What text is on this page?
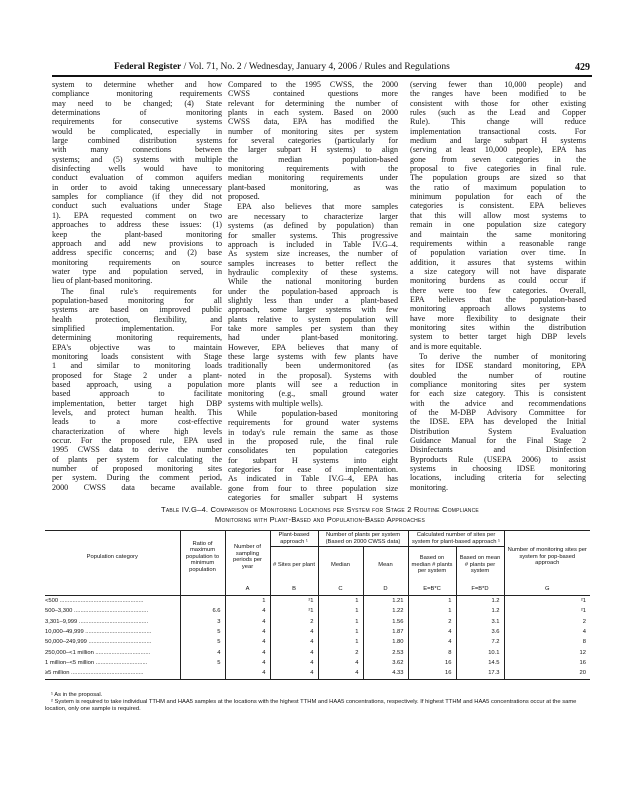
Federal Register / Vol. 71, No. 2 / Wednesday, January 4, 2006 / Rules and Regulations	429
system to determine whether and how
compliance monitoring requirements
may need to be changed; (4) State
determinations of monitoring
requirements for consecutive systems
would be complicated, especially in
large combined distribution systems
with many connections between
systems; and (5) systems with multiple
disinfecting wells would have to
conduct evaluation of common aquifers
in order to avoid taking unnecessary
samples for compliance (if they did not
conduct such evaluations under Stage
1). EPA requested comment on two
approaches to address these issues: (1)
keep the plant-based monitoring
approach and add new provisions to
address specific concerns; and (2) base
monitoring requirements on source
water type and population served, in
lieu of plant-based monitoring.
The final rule's requirements for
population-based monitoring for all
systems are based on improved public
health protection, flexibility, and
simplified implementation. For
determining monitoring requirements,
EPA's objective was to maintain
monitoring loads consistent with Stage
1 and similar to monitoring loads
proposed for Stage 2 under a plant-
based approach, using a population
based approach to facilitate
implementation, better target high DBP
levels, and protect human health. This
leads to a more cost-effective
characterization of where high levels
occur. For the proposed rule, EPA used
1995 CWSS data to derive the number
of plants per system for calculating the
number of proposed monitoring sites
per system. During the comment period,
2000 CWSS data became available.
Compared to the 1995 CWSS, the 2000
CWSS contained questions more
relevant for determining the number of
plants in each system. Based on 2000
CWSS data, EPA has modified the
number of monitoring sites per system
for several categories (particularly for
the larger subpart H systems) to align
the median population-based
monitoring requirements with the
median monitoring requirements under
plant-based monitoring, as was
proposed.
EPA also believes that more samples
are necessary to characterize larger
systems (as defined by population) than
for smaller systems. This progressive
approach is included in Table IV.G–4.
As system size increases, the number of
samples increases to better reflect the
hydraulic complexity of these systems.
While the national monitoring burden
under the population-based approach is
slightly less than under a plant-based
approach, some larger systems with few
plants relative to system population will
take more samples per system than they
had under plant-based monitoring.
However, EPA believes that many of
these large systems with few plants have
traditionally been undermonitored (as
noted in the proposal). Systems with
more plants will see a reduction in
monitoring (e.g., small ground water
systems with multiple wells).
While population-based monitoring
requirements for ground water systems
in today's rule remain the same as those
in the proposed rule, the final rule
consolidates ten population categories
for subpart H systems into eight
categories for ease of implementation.
As indicated in Table IV.G–4, EPA has
gone from four to three population size
categories for smaller subpart H systems
(serving fewer than 10,000 people) and
the ranges have been modified to be
consistent with those for other existing
rules (such as the Lead and Copper
Rule). This change will reduce
implementation transactional costs. For
medium and large subpart H systems
(serving at least 10,000 people), EPA has
gone from seven categories in the
proposal to five categories in final rule.
The population groups are sized so that
the ratio of maximum population to
minimum population for each of the
categories is consistent. EPA believes
that this will allow most systems to
remain in one population size category
and maintain the same monitoring
requirements within a reasonable range
of population variation over time. In
addition, it assures that systems within
a size category will not have disparate
monitoring burdens as could occur if
there were too few categories. Overall,
EPA believes that the population-based
monitoring approach allows systems to
have more flexibility to designate their
monitoring sites within the distribution
system to better target high DBP levels
and is more equitable.
To derive the number of monitoring
sites for IDSE standard monitoring, EPA
doubled the number of routine
compliance monitoring sites per system
for each size category. This is consistent
with the advice and recommendations
of the M-DBP Advisory Committee for
the IDSE. EPA has developed the Initial
Distribution System Evaluation
Guidance Manual for the Final Stage 2
Disinfectants and Disinfection
Byproducts Rule (USEPA 2006) to assist
systems in choosing IDSE monitoring
locations, including criteria for selecting
monitoring.
Table IV.G–4. Comparison of Monitoring Locations per System for Stage 2 Routine Compliance
Monitoring with Plant-Based and Population-Based Approaches
Population category	Ratio of maximum population to minimum population	Number of sampling periods per year	Plant-based approach ¹	Number of plants per system (Based on 2000 CWSS data)		Calculated number of sites per system for plant-based approach ¹		Number of monitoring sites per system for pop-based approach
			# Sites per plant	Median	Mean	Based on median # plants per system	Based on mean # plants per system	

		A	B	C	D	E=B*C	F=B*D	G
<500 ....................................................		1	²1	1	1.21	1	1.2	²1
500–3,300 ..............................................	6.6	4	²1	1	1.22	1	1.2	²1
3,301–9,999 ...........................................	3	4	2	1	1.56	2	3.1	2
10,000–49,999 .........................................	5	4	4	1	1.87	4	3.6	4
50,000–249,999 .......................................	5	4	4	1	1.80	4	7.2	8
250,000–<1 million ..................................	4	4	4	2	2.53	8	10.1	12
1 million–<5 million ................................	5	4	4	4	3.62	16	14.5	16
≥5 million .............................................		4	4	4	4.33	16	17.3	20
¹ As in the proposal.
² System is required to take individual TTHM and HAA5 samples at the locations with the highest TTHM and HAA5 concentrations, respectively. If highest TTHM and HAA5 concentrations occur at the same location, only one sample is required.
